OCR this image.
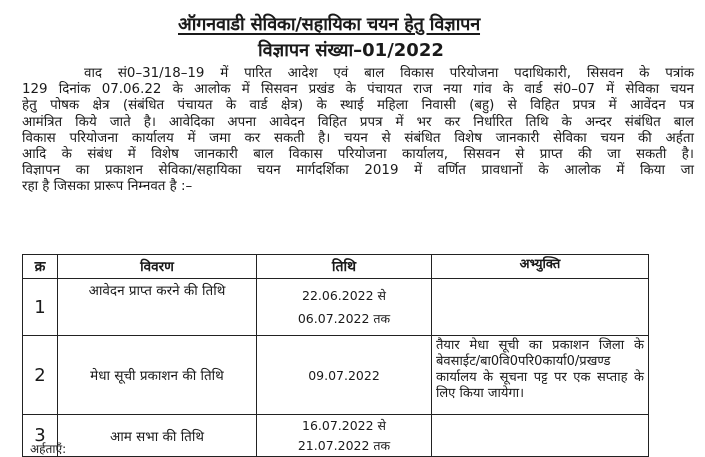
ऑगनवाडी सेविका/सहायिका चयन हेतु विज्ञापन
विज्ञापन संख्या–01/2022
वाद सं0–31/18–19 में पारित आदेश एवं बाल विकास परियोजना पदाधिकारी, सिसवन के पत्रांक
129 दिनांक 07.06.22 के आलोक में सिसवन प्रखंड के पंचायत राज नया गांव के वार्ड सं0–07 में सेविका चयन
हेतु पोषक क्षेत्र (संबंधित पंचायत के वार्ड क्षेत्र) के स्थाई महिला निवासी (बहु) से विहित प्रपत्र में आवेंदन पत्र
आमंत्रित किये जाते है। आवेदिका अपना आवेदन विहित प्रपत्र में भर कर निर्धारित तिथि के अन्दर संबंधित बाल
विकास परियोजना कार्यालय में जमा कर सकती है। चयन से संबंधित विशेष जानकारी सेविका चयन की अर्हता
आदि के संबंध में विशेष जानकारी बाल विकास परियोजना कार्यालय, सिसवन से प्राप्त की जा सकती है।
विज्ञापन का प्रकाशन सेविका/सहायिका चयन मार्गदर्शिका 2019 में वर्णित प्रावधानों के आलोक में किया जा
रहा है जिसका प्रारूप निम्नवत है :–
क्र	विवरण	तिथि	अभ्युक्ति
1	आवेदन प्राप्त करने की तिथि	22.06.2022 से
06.07.2022 तक	

2	मेधा सूची प्रकाशन की तिथि	09.07.2022	तैयार मेधा सूची का प्रकाशन जिला के बेवसाईट/बा0वि0परि0कार्या0/प्रखण्ड कार्यालय के सूचना पट्ट पर एक सप्ताह के लिए किया जायेगा।
3	आम सभा की तिथि	16.07.2022 से
21.07.2022 तक	

अर्हताएँ:
